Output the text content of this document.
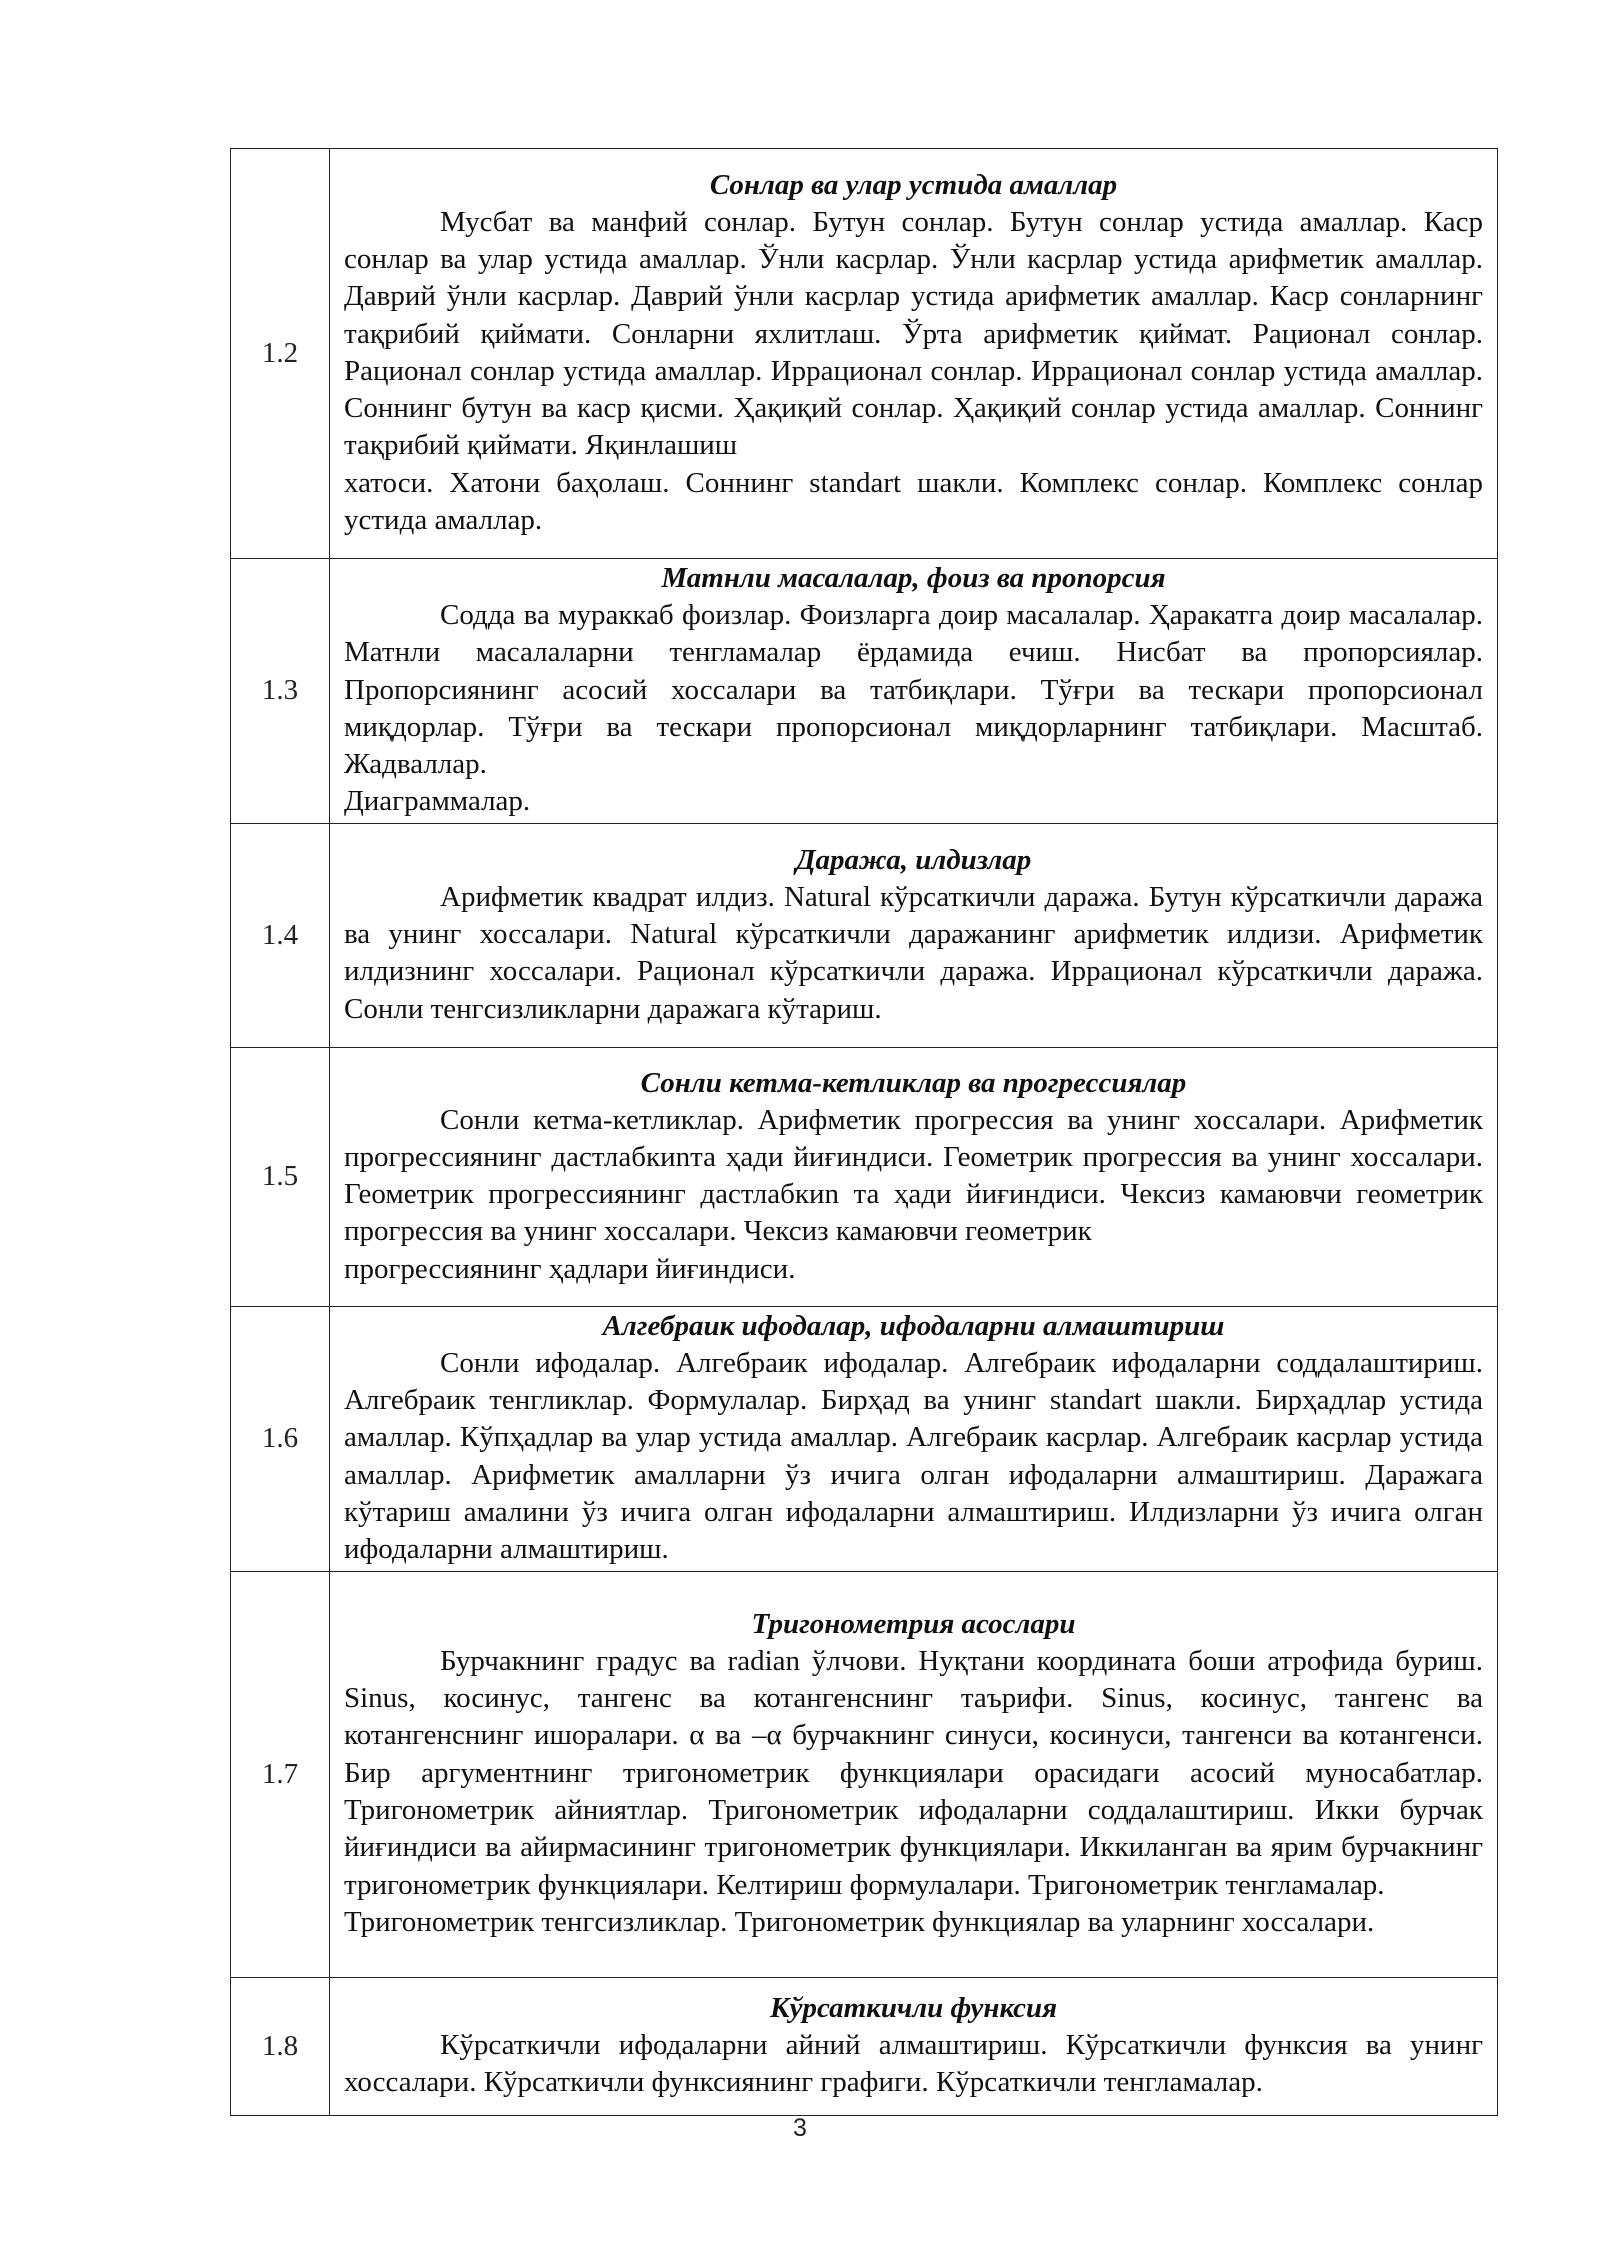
1.2	Сонлар ва улар устида амаллар
Мусбат ва манфий сонлар. Бутун сонлар. Бутун сонлар устида амаллар. Каср сонлар ва улар устида амаллар. Ўнли касрлар. Ўнли касрлар устида арифметик амаллар. Даврий ўнли касрлар. Даврий ўнли касрлар устида арифметик амаллар. Каср сонларнинг тақрибий қиймати. Сонларни яхлитлаш. Ўрта арифметик қиймат. Рационал сонлар. Рационал сонлар устида амаллар. Иррационал сонлар. Иррационал сонлар устида амаллар. Соннинг бутун ва каср қисми. Ҳақиқий сонлар. Ҳақиқий сонлар устида амаллар. Соннинг тақрибий қиймати. Яқинлашиш
хатоси. Хатони баҳолаш. Соннинг standart шакли. Комплекс сонлар. Комплекс сонлар устида амаллар.

1.3	Матнли масалалар, фоиз ва пропорсия
Содда ва мураккаб фоизлар. Фоизларга доир масалалар. Ҳаракатга доир масалалар. Матнли масалаларни тенгламалар ёрдамида ечиш. Нисбат ва пропорсиялар. Пропорсиянинг асосий хоссалари ва татбиқлари. Тўғри ва тескари пропорсионал миқдорлар. Тўғри ва тескари пропорсионал миқдорларнинг татбиқлари. Масштаб. Жадваллар.
Диаграммалар.

1.4	Даража, илдизлар
Арифметик квадрат илдиз. Natural кўрсаткичли даража. Бутун кўрсаткичли даража ва унинг хоссалари. Natural кўрсаткичли даражанинг арифметик илдизи. Арифметик илдизнинг хоссалари. Рационал кўрсаткичли даража. Иррационал кўрсаткичли даража. Сонли тенгсизликларни даражага кўтариш.

1.5	Сонли кетма-кетликлар ва прогрессиялар
Сонли кетма-кетликлар. Арифметик прогрессия ва унинг хоссалари. Арифметик прогрессиянинг дастлабкиnта ҳади йиғиндиси. Геометрик прогрессия ва унинг хоссалари. Геометрик прогрессиянинг дастлабкиn та ҳади йиғиндиси. Чексиз камаювчи геометрик прогрессия ва унинг хоссалари. Чексиз камаювчи геометрик
прогрессиянинг ҳадлари йиғиндиси.

1.6	Алгебраик ифодалар, ифодаларни алмаштириш
Сонли ифодалар. Алгебраик ифодалар. Алгебраик ифодаларни соддалаштириш. Алгебраик тенгликлар. Формулалар. Бирҳад ва унинг standart шакли. Бирҳадлар устида амаллар. Кўпҳадлар ва улар устида амаллар. Алгебраик касрлар. Алгебраик касрлар устида амаллар. Арифметик амалларни ўз ичига олган ифодаларни алмаштириш. Даражага кўтариш амалини ўз ичига олган ифодаларни алмаштириш. Илдизларни ўз ичига олган ифодаларни алмаштириш.

1.7	Тригонометрия асослари
Бурчакнинг градус ва radian ўлчови. Нуқтани координата боши атрофида буриш. Sinus, косинус, тангенс ва котангенснинг таърифи. Sinus, косинус, тангенс ва котангенснинг ишоралари. α ва –α бурчакнинг синуси, косинуси, тангенси ва котангенси. Бир аргументнинг тригонометрик функциялари орасидаги асосий муносабатлар. Тригонометрик айниятлар. Тригонометрик ифодаларни соддалаштириш. Икки бурчак йиғиндиси ва айирмасининг тригонометрик функциялари. Иккиланган ва ярим бурчакнинг тригонометрик функциялари. Келтириш формулалари. Тригонометрик тенгламалар.
Тригонометрик тенгсизликлар. Тригонометрик функциялар ва уларнинг хоссалари.

1.8	Кўрсаткичли функсия
Кўрсаткичли ифодаларни айний алмаштириш. Кўрсаткичли функсия ва унинг хоссалари. Кўрсаткичли функсиянинг графиги. Кўрсаткичли тенгламалар.
3
